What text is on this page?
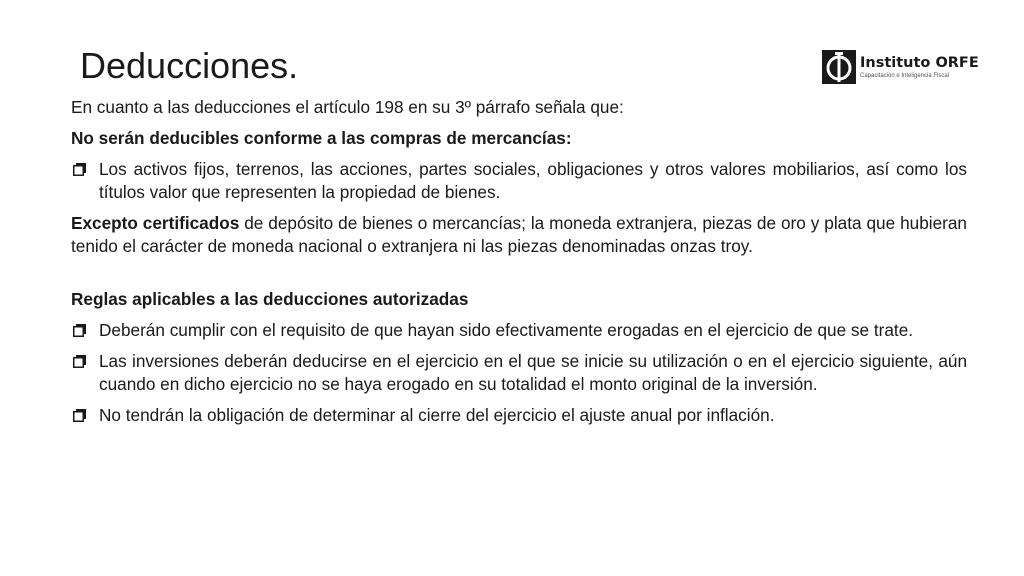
Deducciones.	Instituto ORFE
Capacitación e Inteligencia Fiscal

En cuanto a las deducciones el artículo 198 en su 3º párrafo señala que:

No serán deducibles conforme a las compras de mercancías:

Los activos fijos, terrenos, las acciones, partes sociales, obligaciones y otros valores mobiliarios, así como los títulos valor que representen la propiedad de bienes.

Excepto certificados de depósito de bienes o mercancías; la moneda extranjera, piezas de oro y plata que hubieran tenido el carácter de moneda nacional o extranjera ni las piezas denominadas onzas troy.

Reglas aplicables a las deducciones autorizadas

Deberán cumplir con el requisito de que hayan sido efectivamente erogadas en el ejercicio de que se trate.
Las inversiones deberán deducirse en el ejercicio en el que se inicie su utilización o en el ejercicio siguiente, aún cuando en dicho ejercicio no se haya erogado en su totalidad el monto original de la inversión.
No tendrán la obligación de determinar al cierre del ejercicio el ajuste anual por inflación.
